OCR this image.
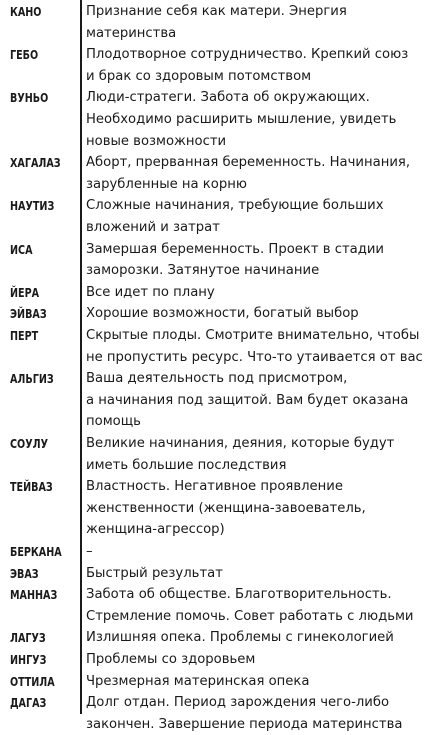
КАНО	Признание себя как матери. Энергия
материнства
ГЕБО	Плодотворное сотрудничество. Крепкий союз
и брак со здоровым потомством
ВУНЬО	Люди-стратеги. Забота об окружающих.
Необходимо расширить мышление, увидеть
новые возможности
ХАГАЛАЗ Аборт, прерванная беременность. Начинания,
зарубленные на корню
НАУТИЗ Сложные начинания, требующие больших
вложений и затрат
ИСА	Замершая беременность. Проект в стадии
заморозки. Затянутое начинание
ЙЕРА	Все идет по плану
ЭЙВАЗ	Хорошие возможности, богатый выбор
ПЕРТ	Скрытые плоды. Смотрите внимательно, чтобы
не пропустить ресурс. Что-то утаивается от вас
АЛЬГИЗ Ваша деятельность под присмотром,
а начинания под защитой. Вам будет оказана
помощь
СОУЛУ	Великие начинания, деяния, которые будут
иметь большие последствия
ТЕЙВАЗ	Властность. Негативное проявление
женственности (женщина-завоеватель,
женщина-агрессор)
БЕРКАНА –
ЭВАЗ	Быстрый результат
МАННАЗ Забота об обществе. Благотворительность.
Стремление помочь. Совет работать с людьми
ЛАГУЗ	Излишняя опека. Проблемы с гинекологией
ИНГУЗ	Проблемы со здоровьем
ОТТИЛА Чрезмерная материнская опека
ДАГАЗ	Долг отдан. Период зарождения чего-либо
закончен. Завершение периода материнства
